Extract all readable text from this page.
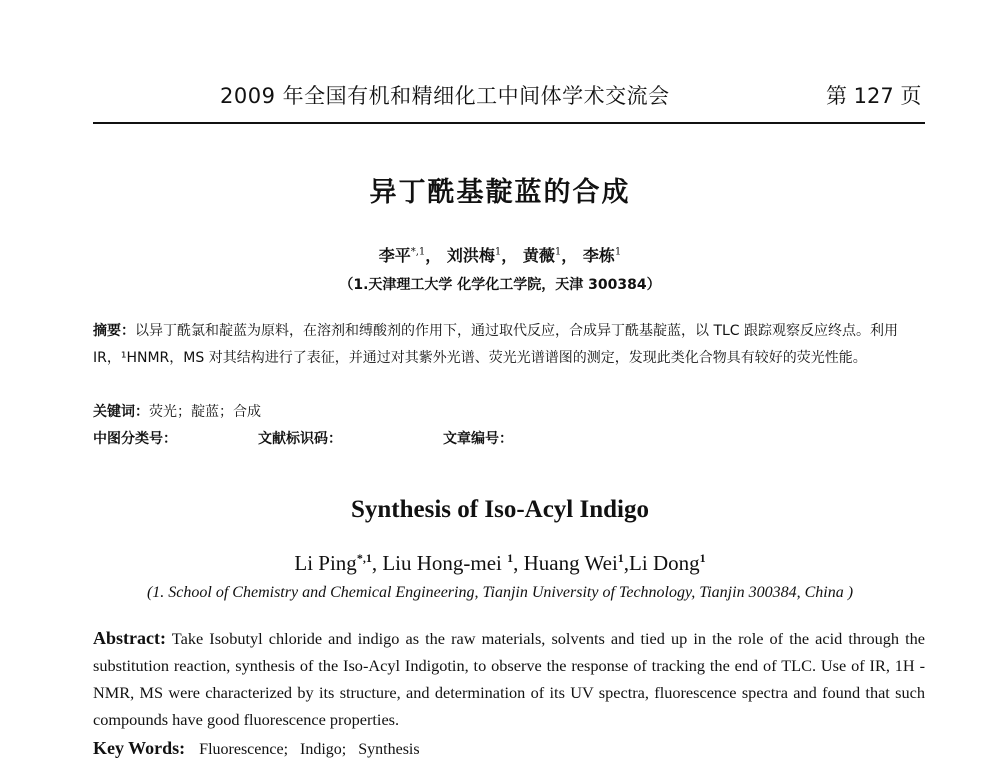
2009 年全国有机和精细化工中间体学术交流会	第 127 页
异丁酰基靛蓝的合成
李平$^{*,1}$， 刘洪梅$^1$， 黄薇$^1$， 李栋$^1$
（1.天津理工大学 化学化工学院，天津 300384）
摘要：以异丁酰氯和靛蓝为原料，在溶剂和缚酸剂的作用下，通过取代反应，合成异丁酰基靛蓝，以 TLC 跟踪观察反应终点。利用 IR，¹HNMR，MS 对其结构进行了表征，并通过对其紫外光谱、荧光光谱谱图的测定，发现此类化合物具有较好的荧光性能。
关键词：荧光；靛蓝；合成
中图分类号：	文献标识码：	文章编号：
Synthesis of Iso-Acyl Indigo
Li Ping$^{*,1}$, Liu Hong-mei $^1$, Huang Wei$^1$,Li Dong$^1$
(1. School of Chemistry and Chemical Engineering, Tianjin University of Technology, Tianjin 300384, China )
Abstract: Take Isobutyl chloride and indigo as the raw materials, solvents and tied up in the role of the acid through the substitution reaction, synthesis of the Iso-Acyl Indigotin, to observe the response of tracking the end of TLC. Use of IR, 1H -NMR, MS were characterized by its structure, and determination of its UV spectra, fluorescence spectra and found that such compounds have good fluorescence properties.
Key Words: Fluorescence;   Indigo;   Synthesis
